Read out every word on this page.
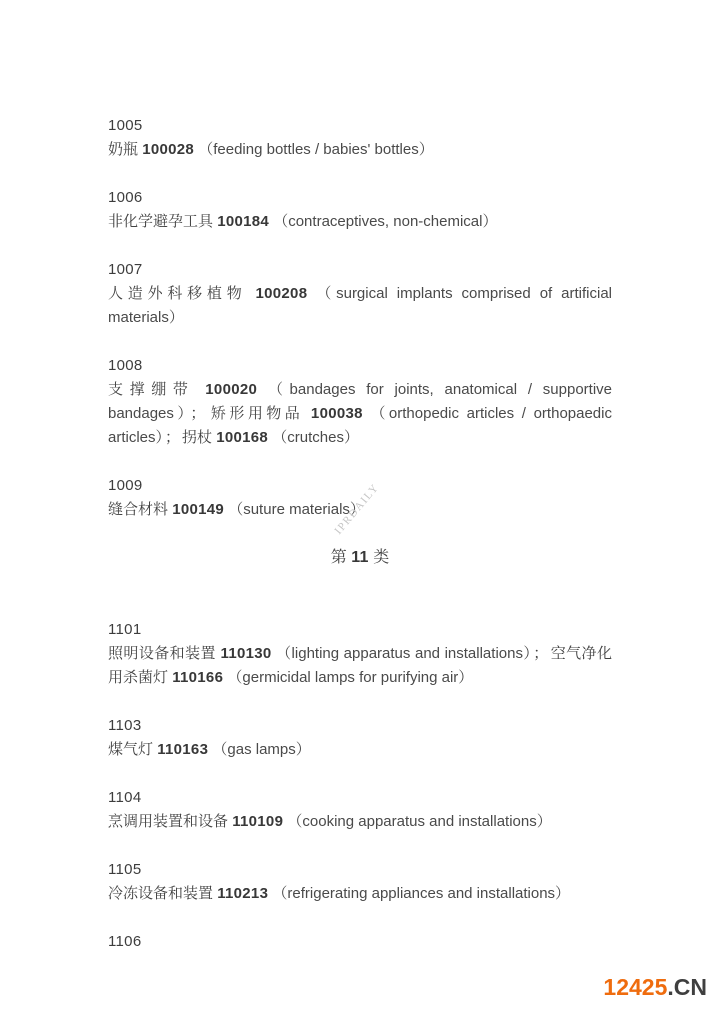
1005

奶瓶 100028 （feeding bottles / babies' bottles）

1006

非化学避孕工具 100184 （contraceptives, non-chemical）

1007

人造外科移植物 100208 （surgical implants comprised of artificial materials）

1008

支撑绷带 100020 （bandages for joints, anatomical / supportive bandages） ； 矫形用物品 100038 （orthopedic articles / orthopaedic articles） ； 拐杖 100168 （crutches）

1009

缝合材料 100149 （suture materials）

第 11 类
1101

照明设备和装置 110130 （lighting apparatus and installations） ； 空气净化用杀菌灯 110166 （germicidal lamps for purifying air）

1103

煤气灯 110163 （gas lamps）

1104

烹调用装置和设备 110109 （cooking apparatus and installations）

1105

冷冻设备和装置 110213 （refrigerating appliances and installations）

1106
IPRDAILY
12425.CN
